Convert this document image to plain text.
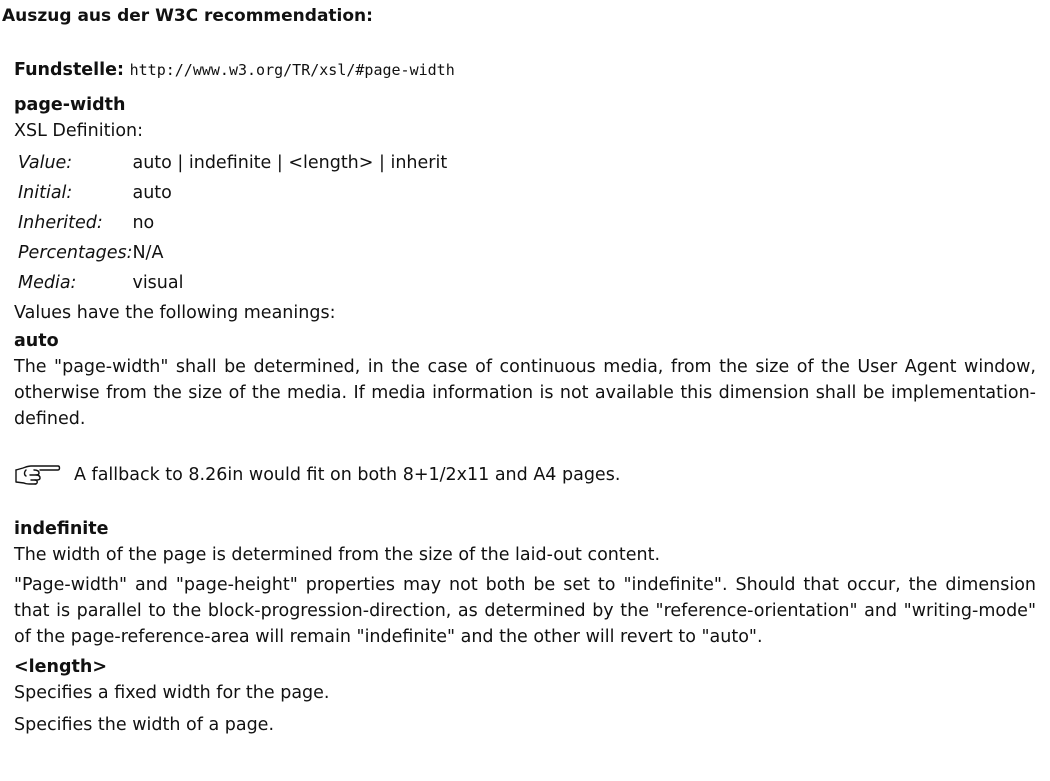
Auszug aus der W3C recommendation:
Fundstelle: http://www.w3.org/TR/xsl/#page-width
page-width
XSL Definition:
Value:	auto | indefinite | <length> | inherit
Initial:	auto
Inherited:	no
Percentages:	N/A
Media:	visual
Values have the following meanings:
auto
The "page-width" shall be determined, in the case of continuous media, from the size of the User Agent window, otherwise from the size of the media. If media information is not available this dimension shall be implementation-defined.
A fallback to 8.26in would fit on both 8+1/2x11 and A4 pages.
indefinite
The width of the page is determined from the size of the laid-out content.
"Page-width" and "page-height" properties may not both be set to "indefinite". Should that occur, the dimension that is parallel to the block-progression-direction, as determined by the "reference-orientation" and "writing-mode" of the page-reference-area will remain "indefinite" and the other will revert to "auto".
<length>
Specifies a fixed width for the page.
Specifies the width of a page.
